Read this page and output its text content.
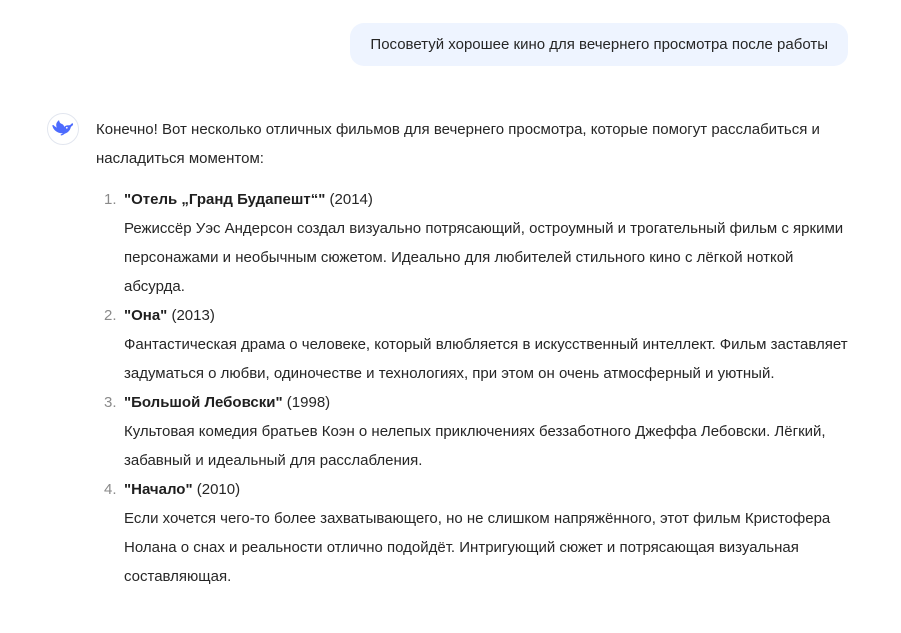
Посоветуй хорошее кино для вечернего просмотра после работы

Конечно! Вот несколько отличных фильмов для вечернего просмотра, которые помогут расслабиться и насладиться моментом:

1. "Отель „Гранд Будапешт“" (2014)

Режиссёр Уэс Андерсон создал визуально потрясающий, остроумный и трогательный фильм с яркими персонажами и необычным сюжетом. Идеально для любителей стильного кино с лёгкой ноткой абсурда.

2. "Она" (2013)

Фантастическая драма о человеке, который влюбляется в искусственный интеллект. Фильм заставляет задуматься о любви, одиночестве и технологиях, при этом он очень атмосферный и уютный.

3. "Большой Лебовски" (1998)

Культовая комедия братьев Коэн о нелепых приключениях беззаботного Джеффа Лебовски. Лёгкий, забавный и идеальный для расслабления.

4. "Начало" (2010)

Если хочется чего-то более захватывающего, но не слишком напряжённого, этот фильм Кристофера Нолана о снах и реальности отлично подойдёт. Интригующий сюжет и потрясающая визуальная составляющая.
